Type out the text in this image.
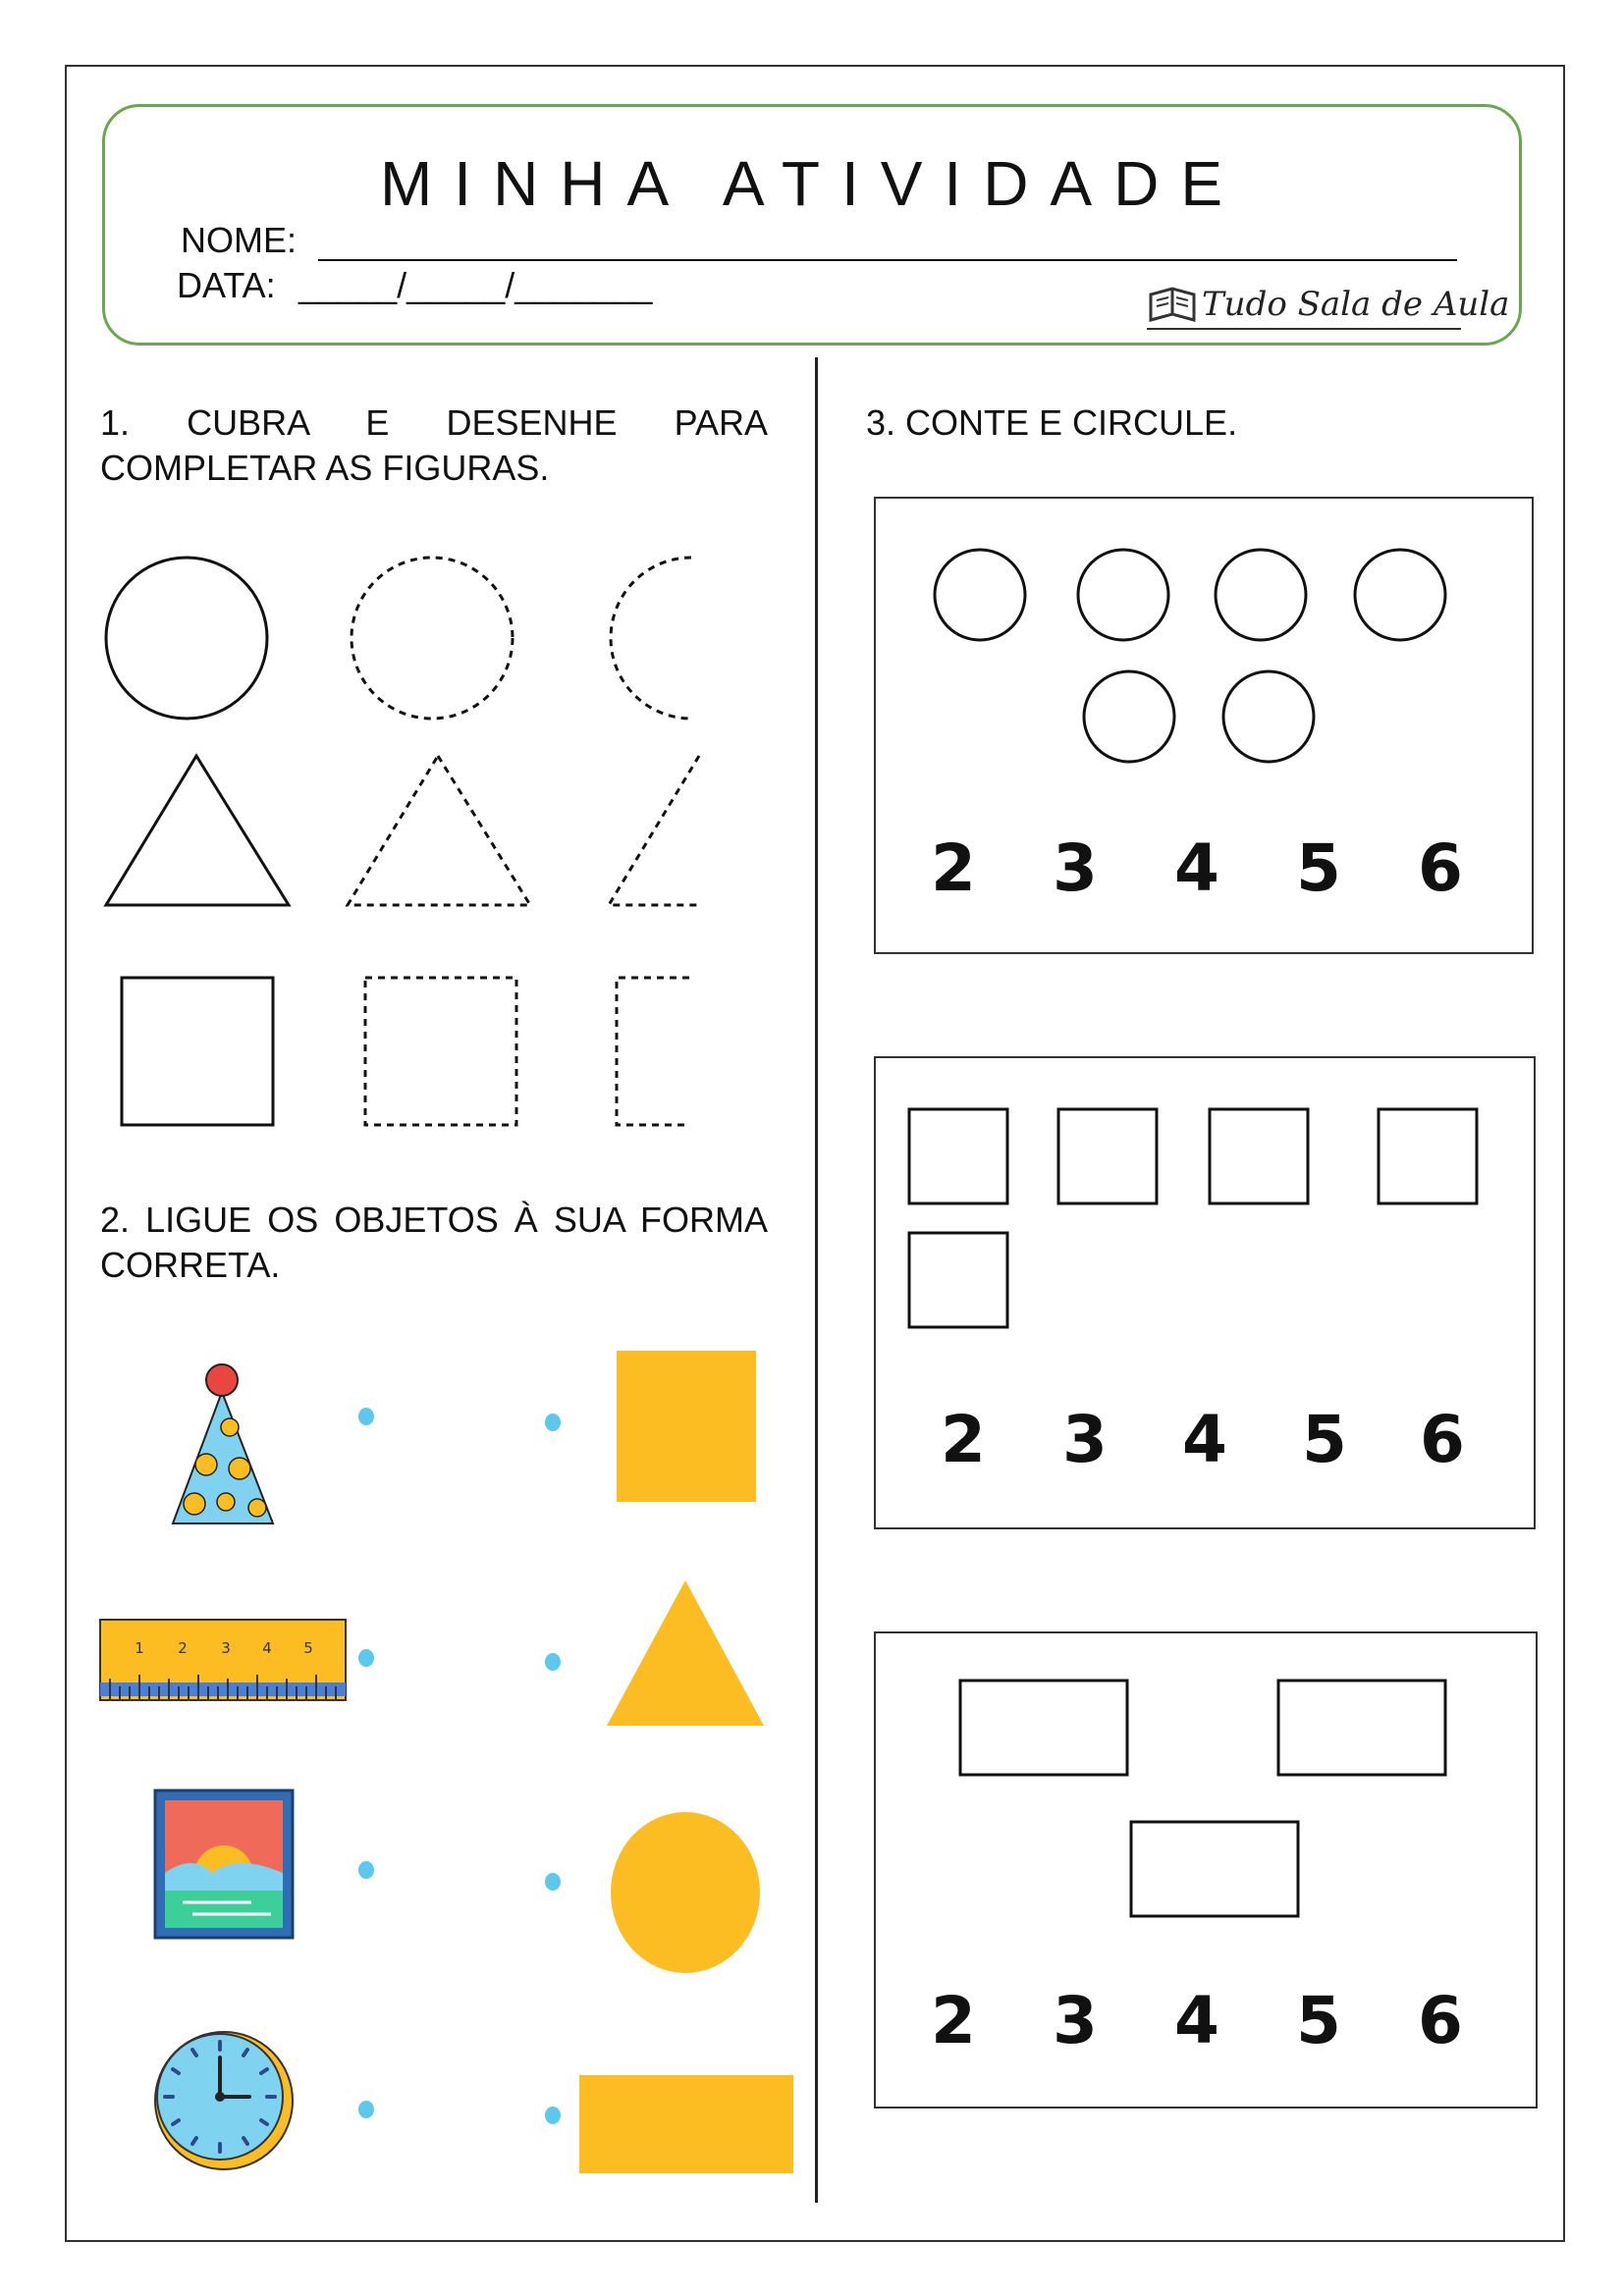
MINHA ATIVIDADE
NOME:
DATA: _____/_____/_______	Tudo Sala de Aula
1. CUBRA E DESENHE PARA COMPLETAR AS FIGURAS.
2. LIGUE OS OBJETOS À SUA FORMA CORRETA.
1 2 3 4 5
3. CONTE E CIRCULE.
2 3 4 5 6
2 3 4 5 6
2 3 4 5 6
